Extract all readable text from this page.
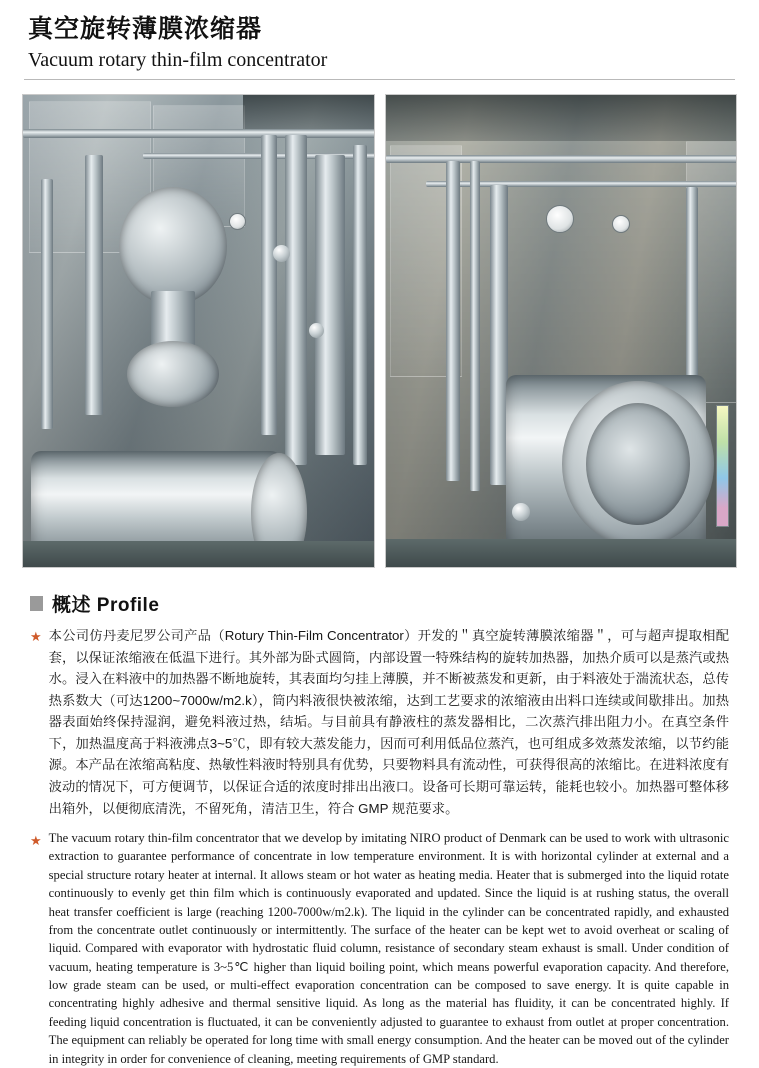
真空旋转薄膜浓缩器
Vacuum rotary thin-film concentrator
概述 Profile
★ 本公司仿丹麦尼罗公司产品（Rotury Thin-Film Concentrator）开发的＂真空旋转薄膜浓缩器＂，可与超声提取相配套，以保证浓缩液在低温下进行。其外部为卧式圆筒，内部设置一特殊结构的旋转加热器，加热介质可以是蒸汽或热水。浸入在料液中的加热器不断地旋转，其表面均匀挂上薄膜，并不断被蒸发和更新，由于料液处于湍流状态，总传热系数大（可达1200~7000w/m2.k），筒内料液很快被浓缩，达到工艺要求的浓缩液由出料口连续或间歇排出。加热器表面始终保持湿润，避免料液过热，结垢。与目前具有静液柱的蒸发器相比，二次蒸汽排出阻力小。在真空条件下，加热温度高于料液沸点3~5℃，即有较大蒸发能力，因而可利用低品位蒸汽，也可组成多效蒸发浓缩，以节约能源。本产品在浓缩高粘度、热敏性料液时特别具有优势，只要物料具有流动性，可获得很高的浓缩比。在进料浓度有波动的情况下，可方便调节，以保证合适的浓度时排出出液口。设备可长期可靠运转，能耗也较小。加热器可整体移出箱外，以便彻底清洗，不留死角，清洁卫生，符合 GMP 规范要求。
★ The vacuum rotary thin-film concentrator that we develop by imitating NIRO product of Denmark can be used to work with ultrasonic extraction to guarantee performance of concentrate in low temperature environment. It is with horizontal cylinder at external and a special structure rotary heater at internal. It allows steam or hot water as heating media. Heater that is submerged into the liquid rotate continuously to evenly get thin film which is continuously evaporated and updated. Since the liquid is at rushing status, the overall heat transfer coefficient is large (reaching 1200-7000w/m2.k). The liquid in the cylinder can be concentrated rapidly, and exhausted from the concentrate outlet continuously or intermittently. The surface of the heater can be kept wet to avoid overheat or scaling of liquid. Compared with evaporator with hydrostatic fluid column, resistance of secondary steam exhaust is small. Under condition of vacuum, heating temperature is 3~5℃ higher than liquid boiling point, which means powerful evaporation capacity. And therefore, low grade steam can be used, or multi-effect evaporation concentration can be composed to save energy. It is quite capable in concentrating highly adhesive and thermal sensitive liquid. As long as the material has fluidity, it can be concentrated highly. If feeding liquid concentration is fluctuated, it can be conveniently adjusted to guarantee to exhaust from outlet at proper concentration. The equipment can reliably be operated for long time with small energy consumption. And the heater can be moved out of the cylinder in integrity in order for convenience of cleaning, meeting requirements of GMP standard.
